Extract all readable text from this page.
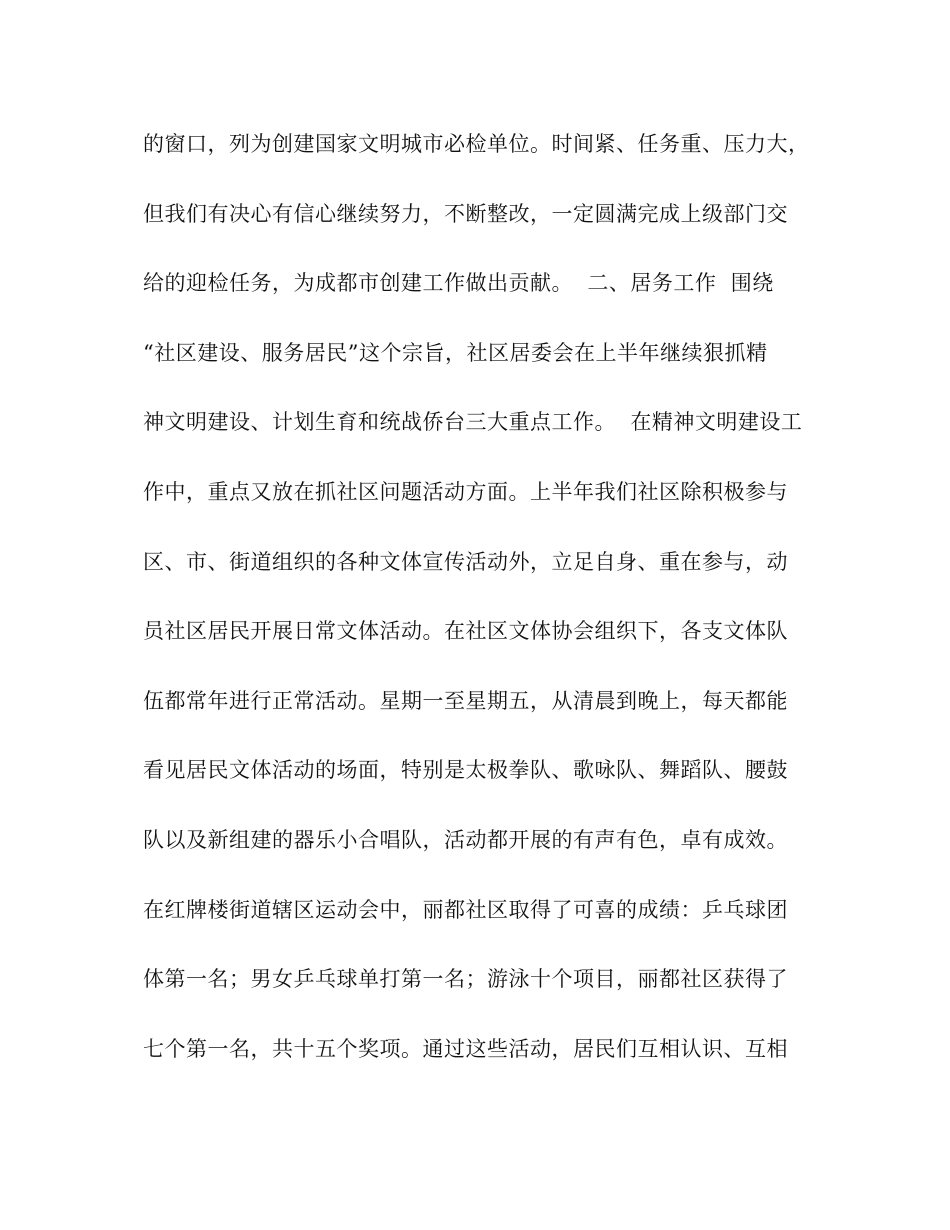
的窗口，列为创建国家文明城市必检单位。时间紧、任务重、压力大，
但我们有决心有信心继续努力，不断整改，一定圆满完成上级部门交
给的迎检任务，为成都市创建工作做出贡献。  二、居务工作  围绕
“社区建设、服务居民”这个宗旨，社区居委会在上半年继续狠抓精
神文明建设、计划生育和统战侨台三大重点工作。  在精神文明建设工
作中，重点又放在抓社区问题活动方面。上半年我们社区除积极参与
区、市、街道组织的各种文体宣传活动外，立足自身、重在参与，动
员社区居民开展日常文体活动。在社区文体协会组织下，各支文体队
伍都常年进行正常活动。星期一至星期五，从清晨到晚上，每天都能
看见居民文体活动的场面，特别是太极拳队、歌咏队、舞蹈队、腰鼓
队以及新组建的器乐小合唱队，活动都开展的有声有色，卓有成效。
在红牌楼街道辖区运动会中，丽都社区取得了可喜的成绩：乒乓球团
体第一名；男女乒乓球单打第一名；游泳十个项目，丽都社区获得了
七个第一名，共十五个奖项。通过这些活动，居民们互相认识、互相
